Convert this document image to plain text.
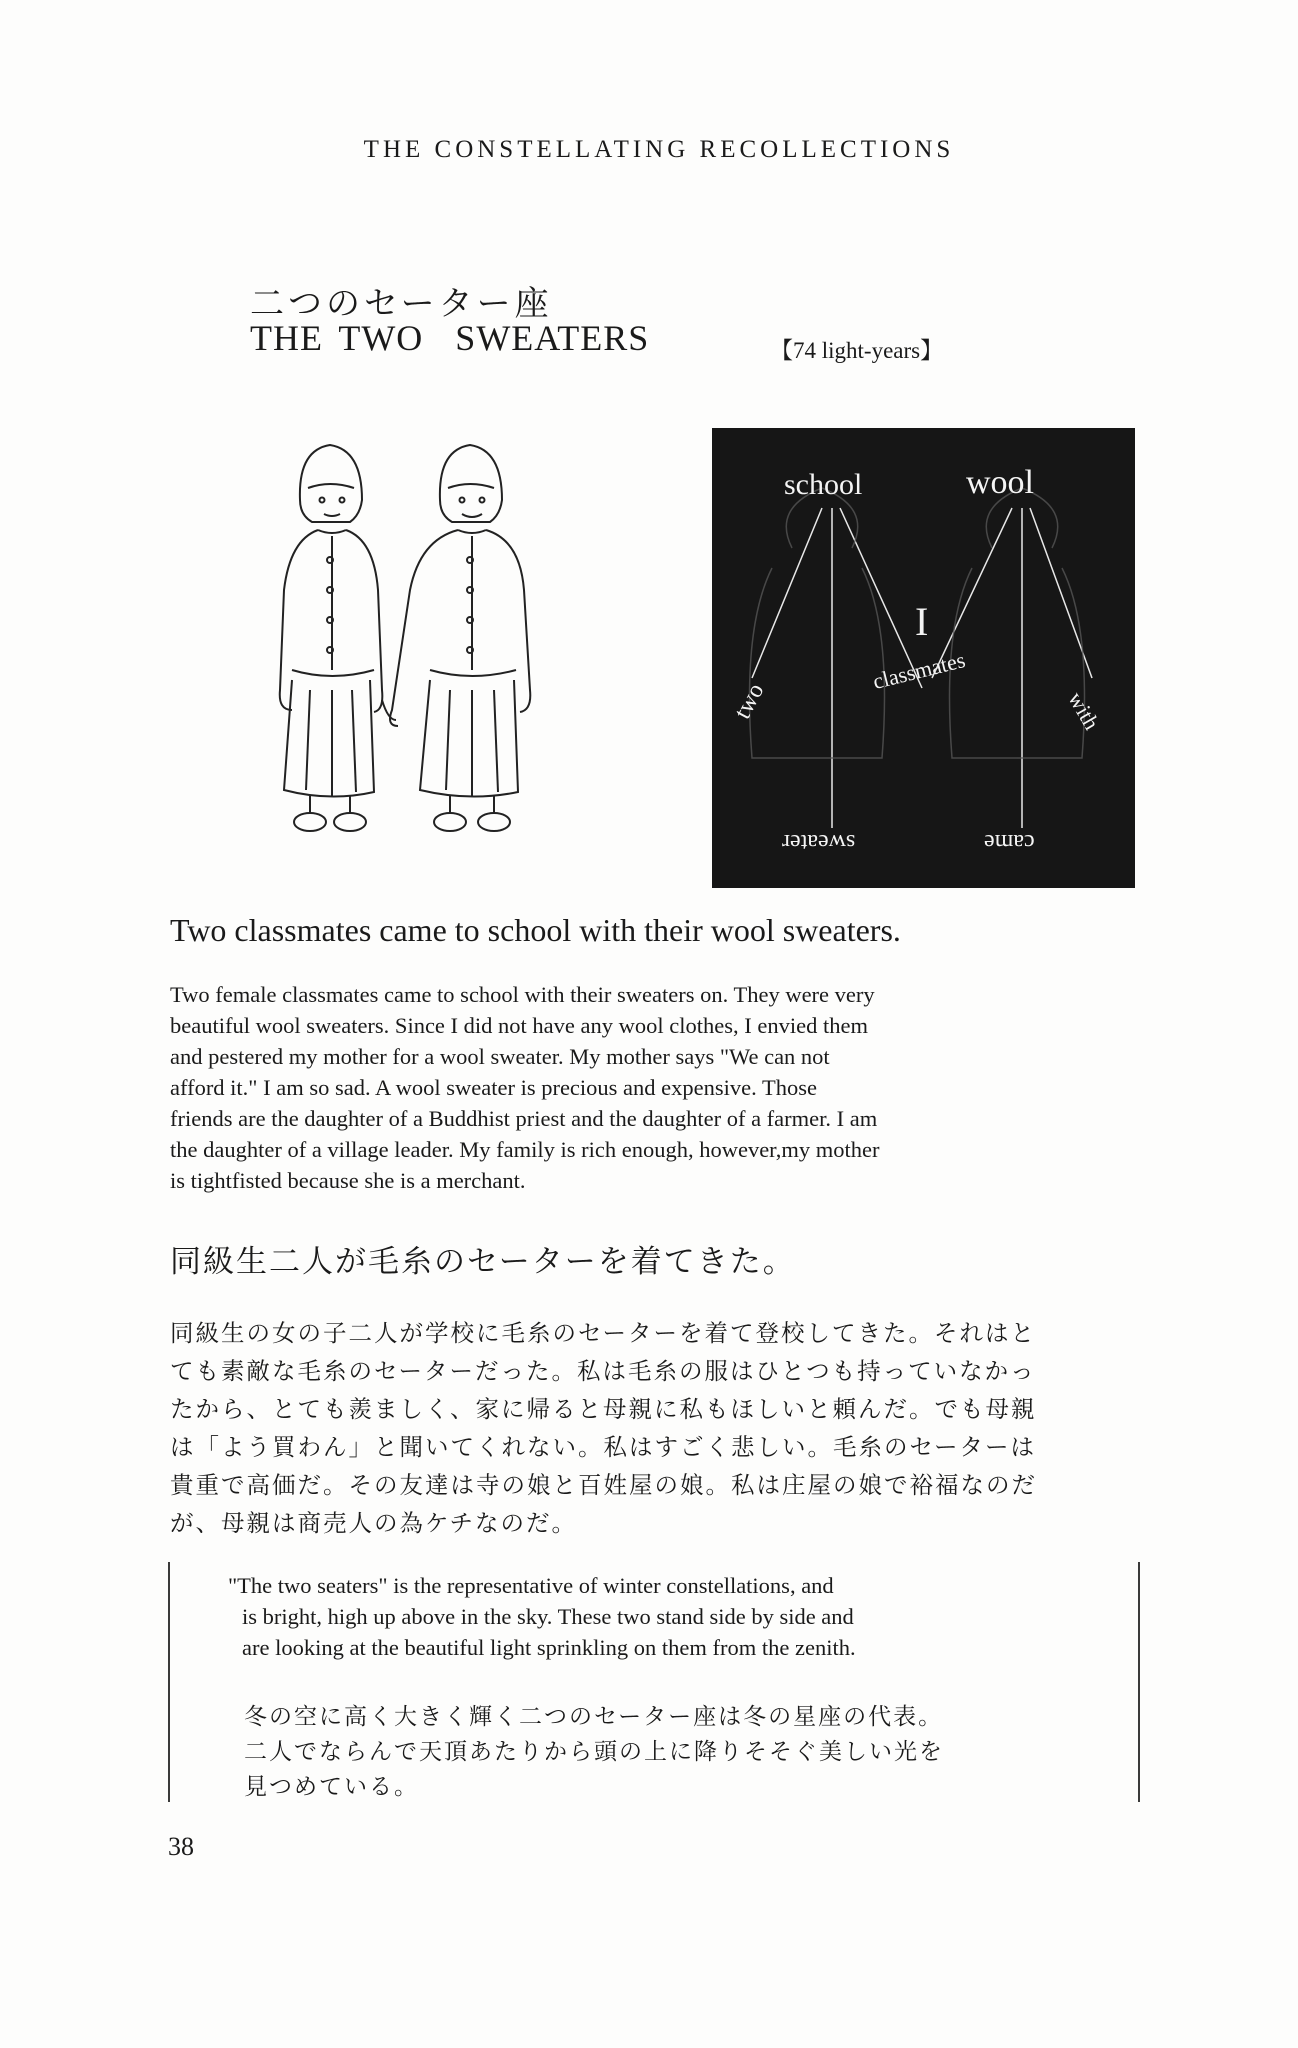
THE CONSTELLATING RECOLLECTIONS
二つのセーター座
THE TWO  SWEATERS	【74 light-years】
school	wool
I
classmates
two	with
sweater	came
Two classmates came to school with their wool sweaters.
Two female classmates came to school with their sweaters on. They were very
beautiful wool sweaters. Since I did not have any wool clothes, I envied them
and pestered my mother for a wool sweater. My mother says "We can not
afford it." I am so sad. A wool sweater is precious and expensive. Those
friends are the daughter of a Buddhist priest and the daughter of a farmer. I am
the daughter of a village leader. My family is rich enough, however,my mother
is tightfisted because she is a merchant.
同級生二人が毛糸のセーターを着てきた。
同級生の女の子二人が学校に毛糸のセーターを着て登校してきた。それはと
ても素敵な毛糸のセーターだった。私は毛糸の服はひとつも持っていなかっ
たから、とても羨ましく、家に帰ると母親に私もほしいと頼んだ。でも母親
は「よう買わん」と聞いてくれない。私はすごく悲しい。毛糸のセーターは
貴重で高価だ。その友達は寺の娘と百姓屋の娘。私は庄屋の娘で裕福なのだ
が、母親は商売人の為ケチなのだ。
"The two seaters" is the representative of winter constellations, and
is bright, high up above in the sky. These two stand side by side and
are looking at the beautiful light sprinkling on them from the zenith.
冬の空に高く大きく輝く二つのセーター座は冬の星座の代表。
二人でならんで天頂あたりから頭の上に降りそそぐ美しい光を
見つめている。
38
